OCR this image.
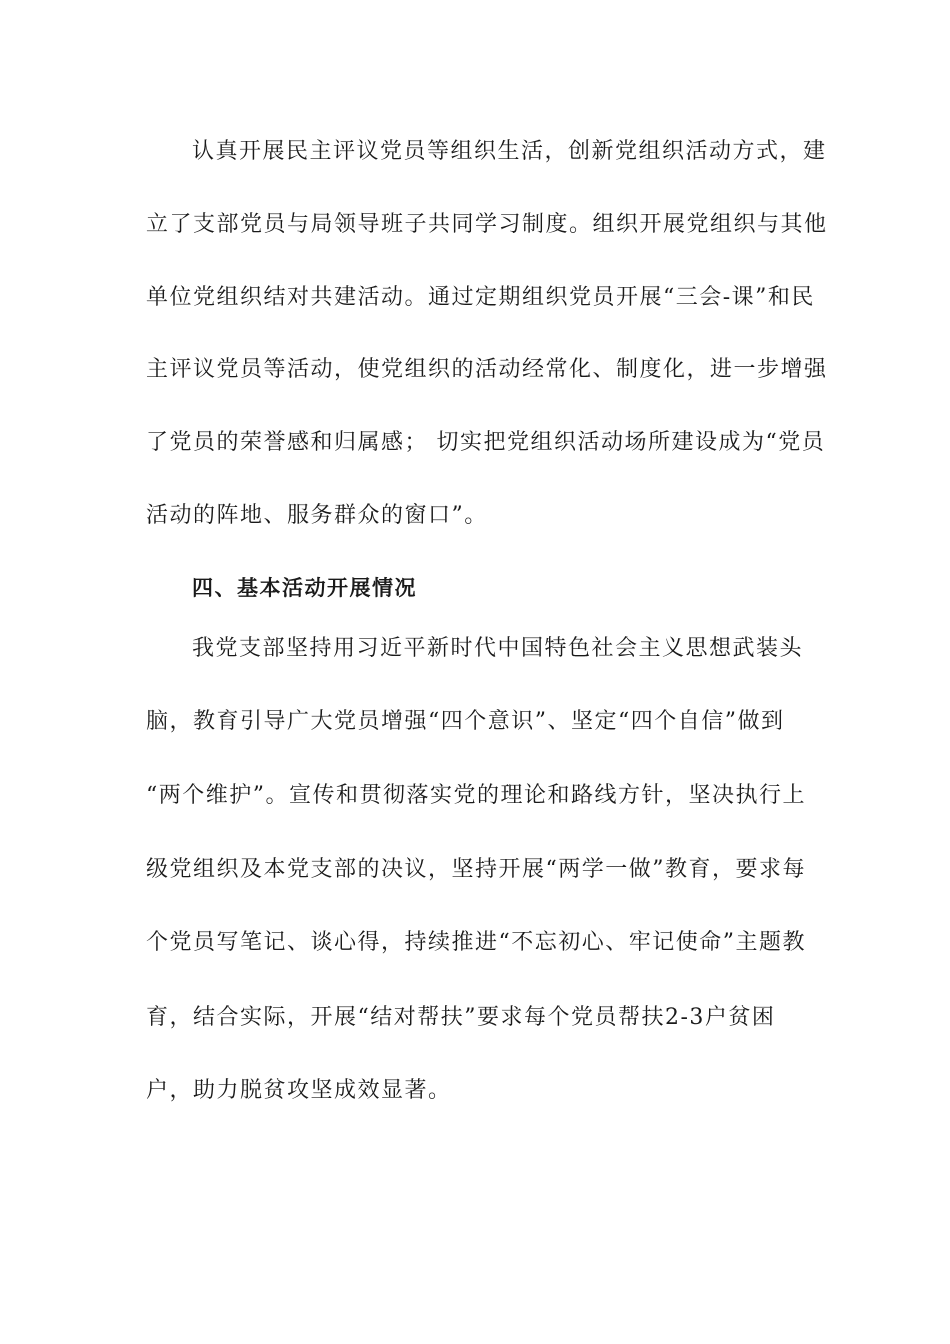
认真开展民主评议党员等组织生活，创新党组织活动方式，建
立了支部党员与局领导班子共同学习制度。组织开展党组织与其他
单位党组织结对共建活动。通过定期组织党员开展“三会-课”和民
主评议党员等活动，使党组织的活动经常化、制度化，进一步增强
了党员的荣誉感和归属感； 切实把党组织活动场所建设成为“党员
活动的阵地、服务群众的窗口”。
四、基本活动开展情况
我党支部坚持用习近平新时代中国特色社会主义思想武装头
脑，教育引导广大党员增强“四个意识”、坚定“四个自信”做到
“两个维护”。宣传和贯彻落实党的理论和路线方针，坚决执行上
级党组织及本党支部的决议，坚持开展“两学一做”教育，要求每
个党员写笔记、谈心得，持续推进“不忘初心、牢记使命”主题教
育，结合实际，开展“结对帮扶”要求每个党员帮扶2-3户贫困
户，助力脱贫攻坚成效显著。
